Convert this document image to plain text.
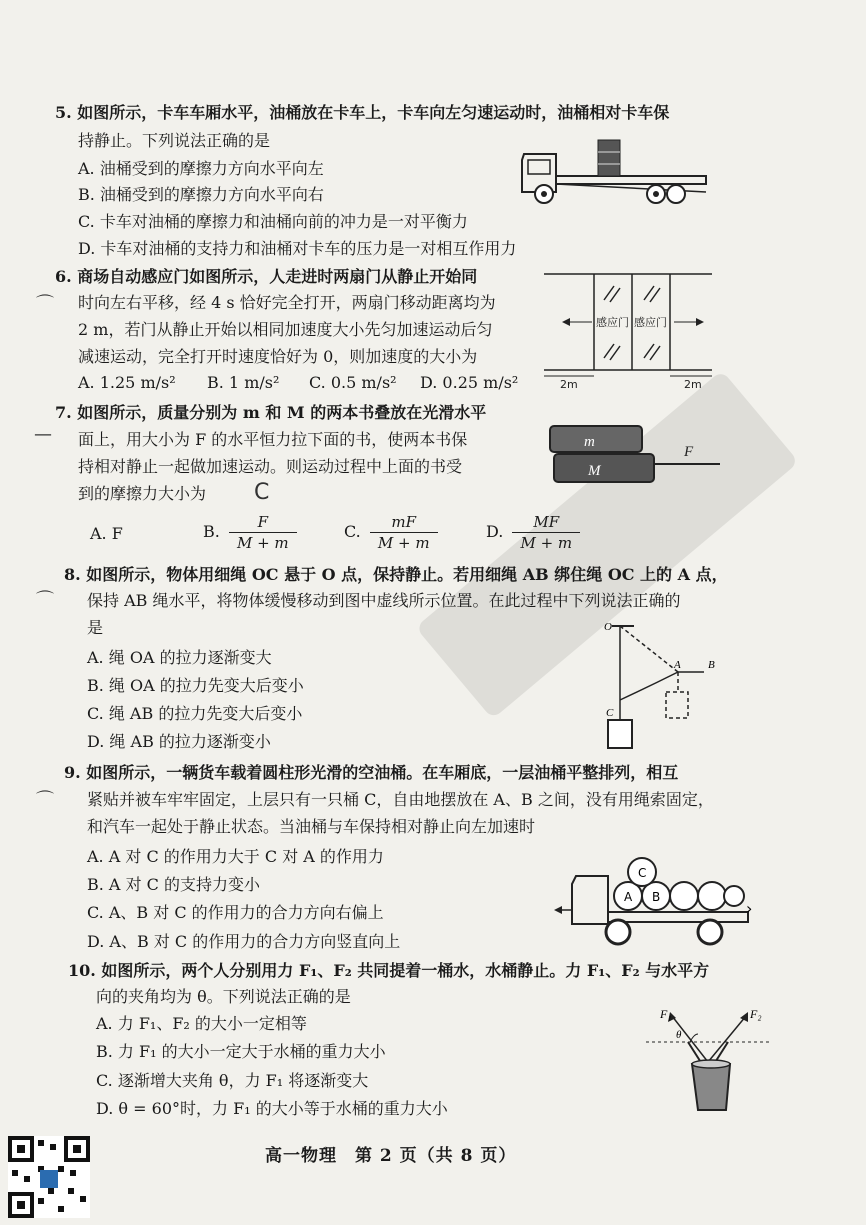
5. 如图所示，卡车车厢水平，油桶放在卡车上，卡车向左匀速运动时，油桶相对卡车保
持静止。下列说法正确的是
A. 油桶受到的摩擦力方向水平向左
B. 油桶受到的摩擦力方向水平向右
C. 卡车对油桶的摩擦力和油桶向前的冲力是一对平衡力
D. 卡车对油桶的支持力和油桶对卡车的压力是一对相互作用力
6. 商场自动感应门如图所示，人走进时两扇门从静止开始同
⌒ 时向左右平移，经 4 s 恰好完全打开，两扇门移动距离均为
2 m，若门从静止开始以相同加速度大小先匀加速运动后匀
减速运动，完全打开时速度恰好为 0，则加速度的大小为
A. 1.25 m/s² B. 1 m/s² C. 0.5 m/s² D. 0.25 m/s²
感应门 感应门
2m	2m
7. 如图所示，质量分别为 m 和 M 的两本书叠放在光滑水平
— 面上，用大小为 F 的水平恒力拉下面的书，使两本书保
持相对静止一起做加速运动。则运动过程中上面的书受
到的摩擦力大小为 C
A. F	B. $\frac{F}{M + m}$	C. $\frac{mF}{M + m}$	D. $\frac{MF}{M + m}$
m
M
F
8. 如图所示，物体用细绳 OC 悬于 O 点，保持静止。若用细绳 AB 绑住绳 OC 上的 A 点，
⌒ 保持 AB 绳水平，将物体缓慢移动到图中虚线所示位置。在此过程中下列说法正确的
是
A. 绳 OA 的拉力逐渐变大
B. 绳 OA 的拉力先变大后变小
C. 绳 AB 的拉力先变大后变小
D. 绳 AB 的拉力逐渐变小
O
A B
C
9. 如图所示，一辆货车载着圆柱形光滑的空油桶。在车厢底，一层油桶平整排列，相互
⌒ 紧贴并被车牢牢固定，上层只有一只桶 C，自由地摆放在 A、B 之间，没有用绳索固定，
和汽车一起处于静止状态。当油桶与车保持相对静止向左加速时
A. A 对 C 的作用力大于 C 对 A 的作用力
B. A 对 C 的支持力变小
C. A、B 对 C 的作用力的合力方向右偏上
D. A、B 对 C 的作用力的合力方向竖直向上
A B
C
›
10. 如图所示，两个人分别用力 F₁、F₂ 共同提着一桶水，水桶静止。力 F₁、F₂ 与水平方
向的夹角均为 θ。下列说法正确的是
A. 力 F₁、F₂ 的大小一定相等
B. 力 F₁ 的大小一定大于水桶的重力大小
C. 逐渐增大夹角 θ，力 F₁ 将逐渐变大
D. θ = 60°时，力 F₁ 的大小等于水桶的重力大小
F₁	F₂
θ
高一物理　第 2 页（共 8 页）
